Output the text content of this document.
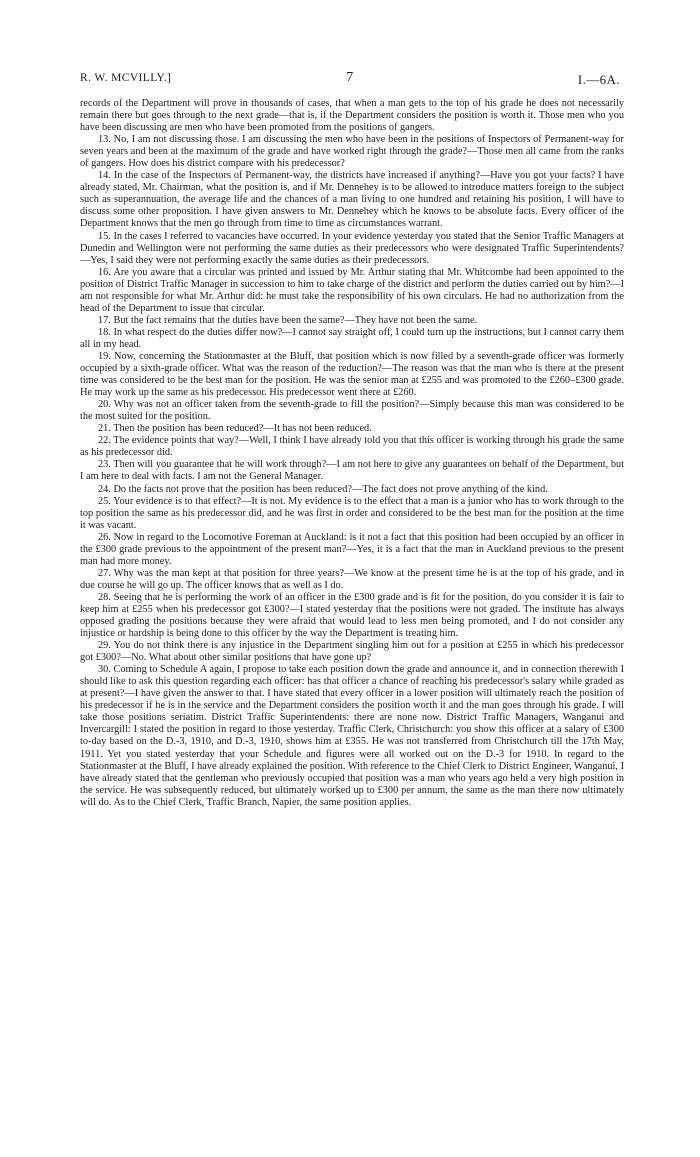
R. W. MCVILLY.]	7	I.—6A.

records of the Department will prove in thousands of cases, that when a man gets to the top of his grade he does not necessarily remain there but goes through to the next grade—that is, if the Department considers the position is worth it. Those men who you have been discussing are men who have been promoted from the positions of gangers.

13. No, I am not discussing those. I am discussing the men who have been in the positions of Inspectors of Permanent-way for seven years and been at the maximum of the grade and have worked right through the grade?—Those men all came from the ranks of gangers. How does his district compare with his predecessor?

14. In the case of the Inspectors of Permanent-way, the districts have increased if anything?—Have you got your facts? I have already stated, Mr. Chairman, what the position is, and if Mr. Dennehey is to be allowed to introduce matters foreign to the subject such as superannuation, the average life and the chances of a man living to one hundred and retaining his position, I will have to discuss some other proposition. I have given answers to Mr. Dennehey which he knows to be absolute facts. Every officer of the Department knows that the men go through from time to time as circumstances warrant.

15. In the cases I referred to vacancies have occurred. In your evidence yesterday you stated that the Senior Traffic Managers at Dunedin and Wellington were not performing the same duties as their predecessors who were designated Traffic Superintendents?—Yes, I said they were not performing exactly the same duties as their predecessors.

16. Are you aware that a circular was printed and issued by Mr. Arthur stating that Mr. Whitcombe had been appointed to the position of District Traffic Manager in succession to him to take charge of the district and perform the duties carried out by him?—I am not responsible for what Mr. Arthur did: he must take the responsibility of his own circulars. He had no authorization from the head of the Department to issue that circular.

17. But the fact remains that the duties have been the same?—They have not been the same.

18. In what respect do the duties differ now?—I cannot say straight off, I could turn up the instructions, but I cannot carry them all in my head.

19. Now, concerning the Stationmaster at the Bluff, that position which is now filled by a seventh-grade officer was formerly occupied by a sixth-grade officer. What was the reason of the reduction?—The reason was that the man who is there at the present time was considered to be the best man for the position. He was the senior man at £255 and was promoted to the £260–£300 grade. He may work up the same as his predecessor. His predecessor went there at £260.

20. Why was not an officer taken from the seventh-grade to fill the position?—Simply because this man was considered to be the most suited for the position.

21. Then the position has been reduced?—It has not been reduced.

22. The evidence points that way?—Well, I think I have already told you that this officer is working through his grade the same as his predecessor did.

23. Then will you guarantee that he will work through?—I am not here to give any guarantees on behalf of the Department, but I am here to deal with facts. I am not the General Manager.

24. Do the facts not prove that the position has been reduced?—The fact does not prove anything of the kind.

25. Your evidence is to that effect?—It is not. My evidence is to the effect that a man is a junior who has to work through to the top position the same as his predecessor did, and he was first in order and considered to be the best man for the position at the time it was vacant.

26. Now in regard to the Locomotive Foreman at Auckland: is it not a fact that this position had been occupied by an officer in the £300 grade previous to the appointment of the present man?—Yes, it is a fact that the man in Auckland previous to the present man had more money.

27. Why was the man kept at that position for three years?—We know at the present time he is at the top of his grade, and in due course he will go up. The officer knows that as well as I do.

28. Seeing that he is performing the work of an officer in the £300 grade and is fit for the position, do you consider it is fair to keep him at £255 when his predecessor got £300?—I stated yesterday that the positions were not graded. The institute has always opposed grading the positions because they were afraid that would lead to less men being promoted, and I do not consider any injustice or hardship is being done to this officer by the way the Department is treating him.

29. You do not think there is any injustice in the Department singling him out for a position at £255 in which his predecessor got £300?—No. What about other similar positions that have gone up?

30. Coming to Schedule A again, I propose to take each position down the grade and announce it, and in connection therewith I should like to ask this question regarding each officer: has that officer a chance of reaching his predecessor's salary while graded as at present?—I have given the answer to that. I have stated that every officer in a lower position will ultimately reach the position of his predecessor if he is in the service and the Department considers the position worth it and the man goes through his grade. I will take those positions seriatim. District Traffic Superintendents: there are none now. District Traffic Managers, Wanganui and Invercargill: I stated the position in regard to those yesterday. Traffic Clerk, Christchurch: you show this officer at a salary of £300 to-day based on the D.-3, 1910, and D.-3, 1910, shows him at £355. He was not transferred from Christchurch till the 17th May, 1911. Yet you stated yesterday that your Schedule and figures were all worked out on the D.-3 for 1910. In regard to the Stationmaster at the Bluff, I have already explained the position. With reference to the Chief Clerk to District Engineer, Wanganui, I have already stated that the gentleman who previously occupied that position was a man who years ago held a very high position in the service. He was subsequently reduced, but ultimately worked up to £300 per annum, the same as the man there now ultimately will do. As to the Chief Clerk, Traffic Branch, Napier, the same position applies.
